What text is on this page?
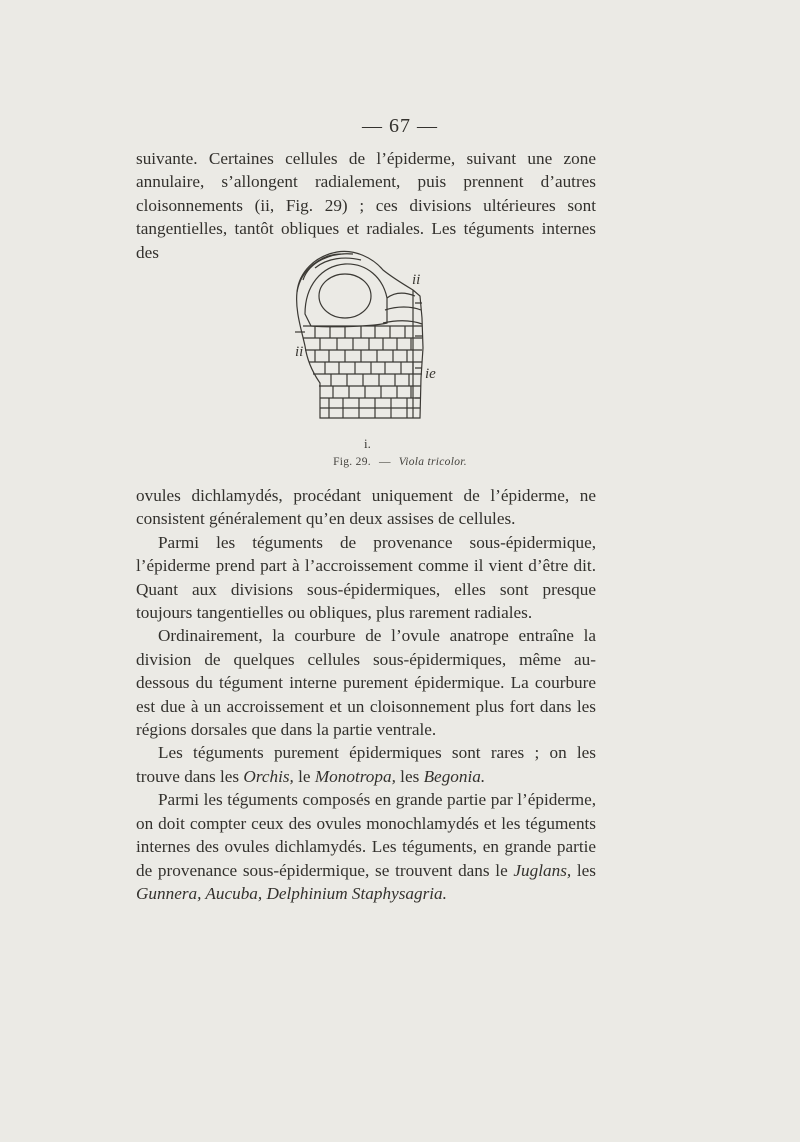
— 67 —

suivante. Certaines cellules de l’épiderme, suivant une zone annulaire, s’allongent radialement, puis prennent d’autres cloisonnements (ii, Fig. 29) ; ces divisions ultérieures sont tangentielles, tantôt obliques et radiales. Les téguments internes des

ii
ii
ie
i.
Fig. 29. — Viola tricolor.

ovules dichlamydés, procédant uniquement de l’épiderme, ne consistent généralement qu’en deux assises de cellules.

Parmi les téguments de provenance sous-épidermique, l’épiderme prend part à l’accroissement comme il vient d’être dit. Quant aux divisions sous-épidermiques, elles sont presque toujours tangentielles ou obliques, plus rarement radiales.

Ordinairement, la courbure de l’ovule anatrope entraîne la division de quelques cellules sous-épidermiques, même au-dessous du tégument interne purement épidermique. La courbure est due à un accroissement et un cloisonnement plus fort dans les régions dorsales que dans la partie ventrale.

Les téguments purement épidermiques sont rares ; on les trouve dans les Orchis, le Monotropa, les Begonia.

Parmi les téguments composés en grande partie par l’épiderme, on doit compter ceux des ovules monochlamydés et les téguments internes des ovules dichlamydés. Les téguments, en grande partie de provenance sous-épidermique, se trouvent dans le Juglans, les Gunnera, Aucuba, Delphinium Staphysagria.
